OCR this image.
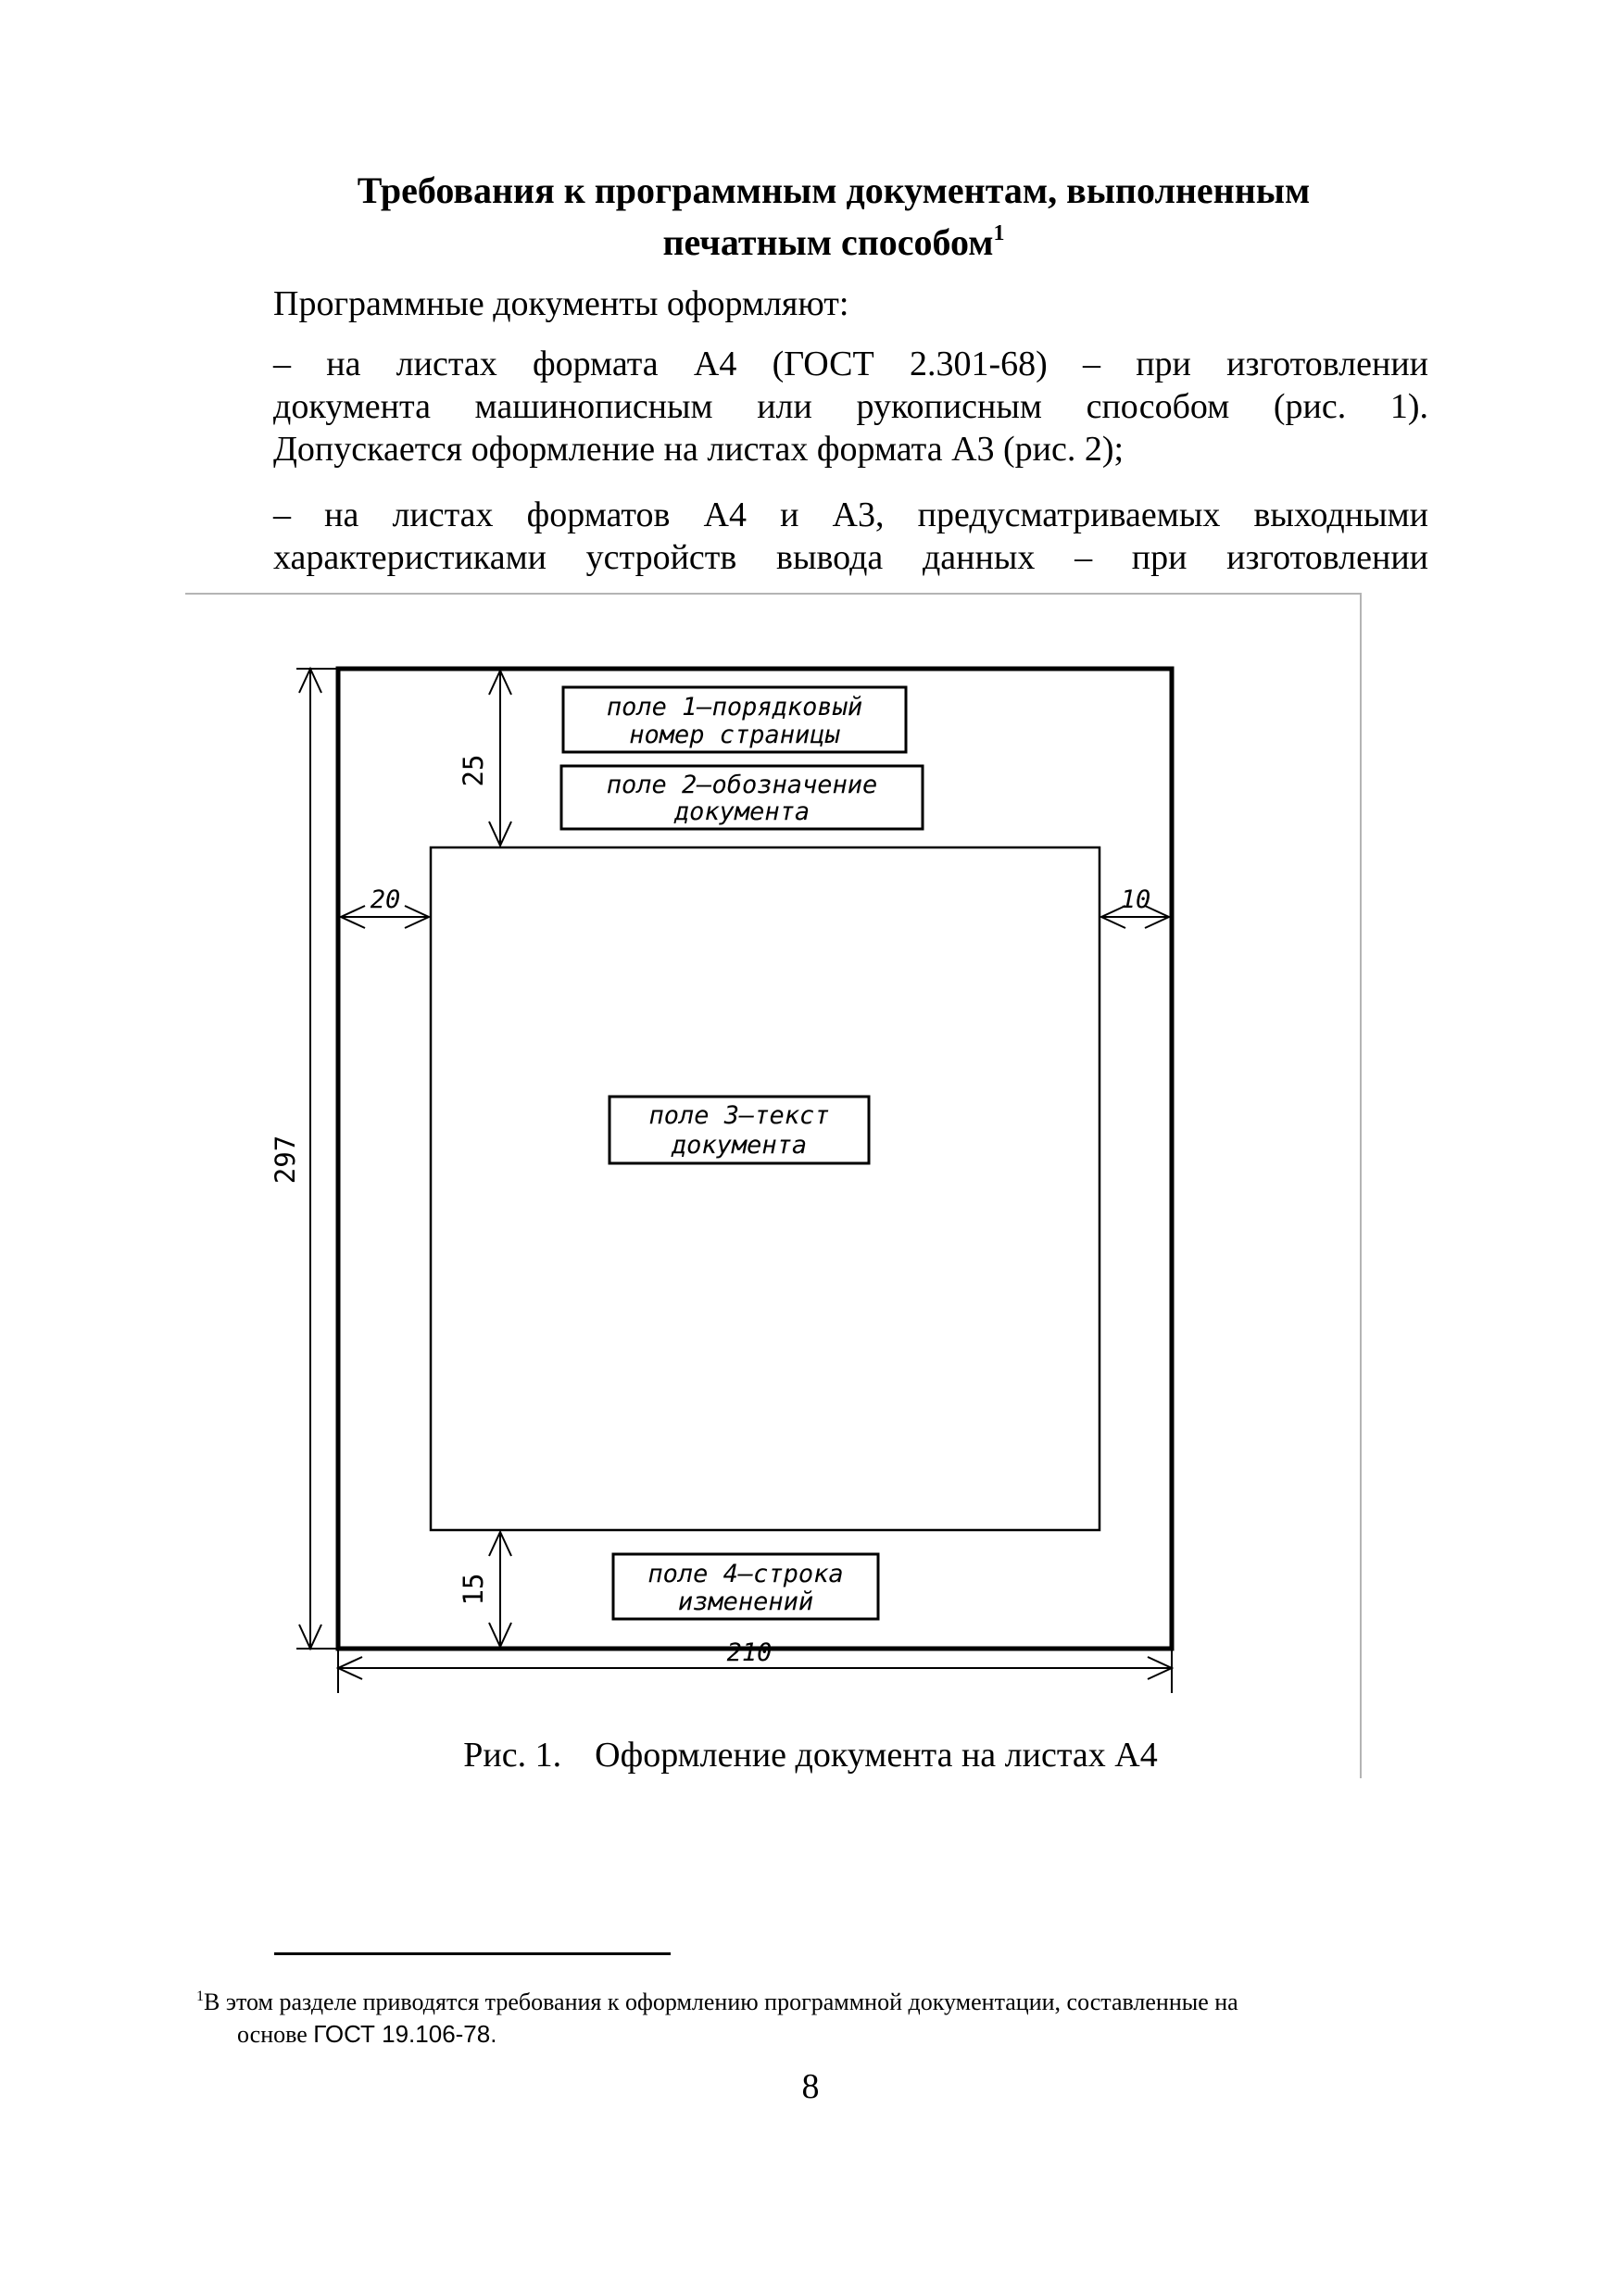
Требования к программным документам, выполненным
печатным способом$^1$

Программные документы оформляют:

– на листах формата А4 (ГОСТ 2.301-68) – при изготовлении
документа машинописным или рукописным способом (рис. 1).
Допускается оформление на листах формата А3 (рис. 2);

– на листах форматов А4 и А3, предусматриваемых выходными
характеристиками устройств вывода данных – при изготовлении

поле 1–порядковый
номер страницы
поле 2–обозначение
документа
поле 3–текст
документа
поле 4–строка
изменений
25
20	10
15
297
210
Рис. 1. Оформление документа на листах А4

$^1$В этом разделе приводятся требования к оформлению программной документации, составленные на
основе ГОСТ 19.106-78.

8
